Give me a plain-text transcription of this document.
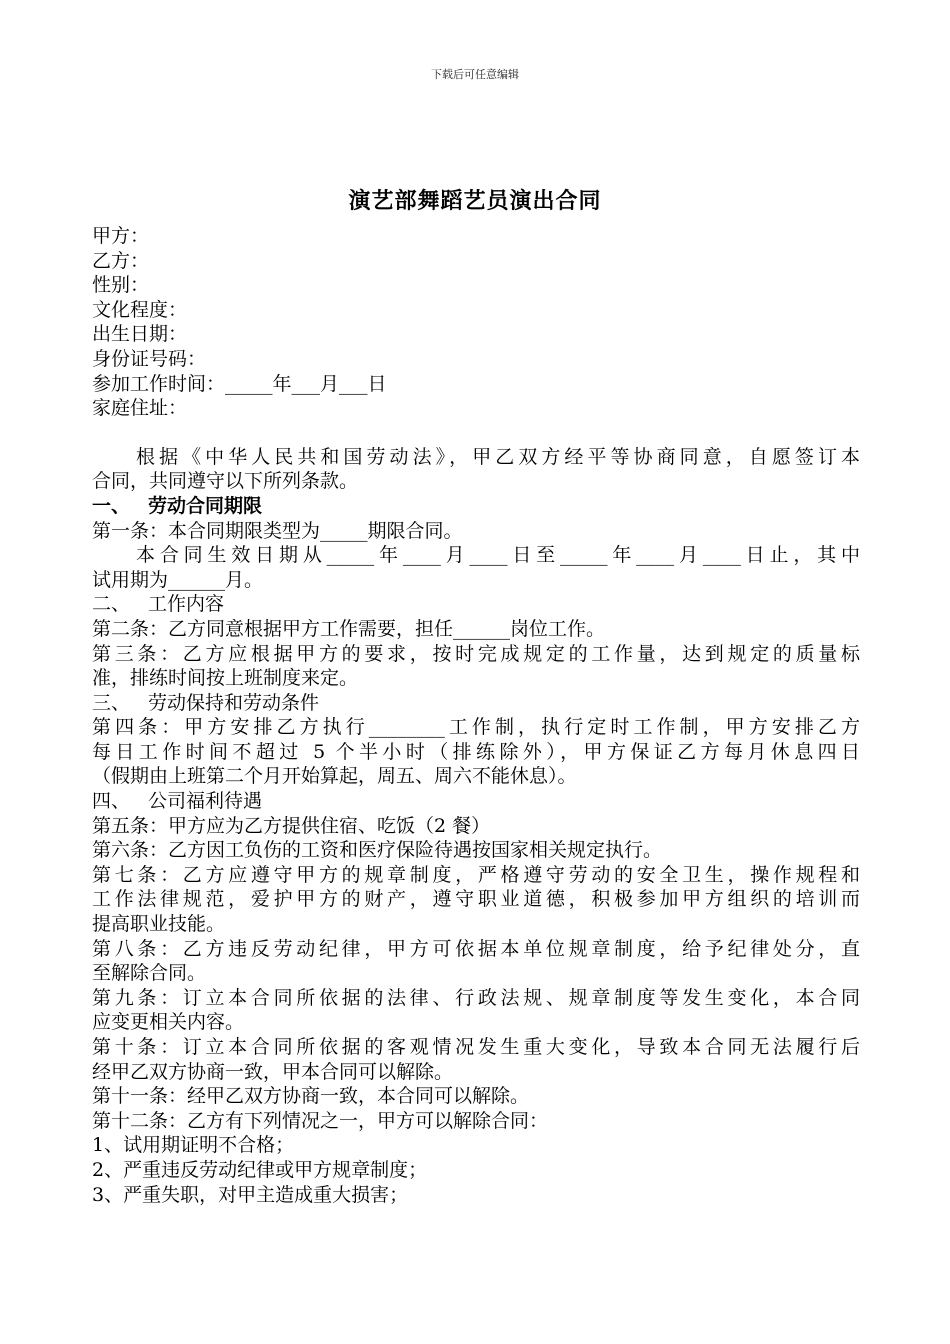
下载后可任意编辑
演艺部舞蹈艺员演出合同
甲方：
乙方：
性别：
文化程度：
出生日期：
身份证号码：
参加工作时间：_____年___月___日
家庭住址：
根据《中华人民共和国劳动法》，甲乙双方经平等协商同意，自愿签订本
合同，共同遵守以下所列条款。
一、 劳动合同期限
第一条：本合同期限类型为_____期限合同。
本合同生效日期从_____年____月____日至_____年____月____日止，其中
试用期为______月。
二、 工作内容
第二条：乙方同意根据甲方工作需要，担任______岗位工作。
第三条：乙方应根据甲方的要求，按时完成规定的工作量，达到规定的质量标
准，排练时间按上班制度来定。
三、 劳动保持和劳动条件
第四条：甲方安排乙方执行________工作制，执行定时工作制，甲方安排乙方
每日工作时间不超过 5 个半小时（排练除外），甲方保证乙方每月休息四日
（假期由上班第二个月开始算起，周五、周六不能休息）。
四、 公司福利待遇
第五条：甲方应为乙方提供住宿、吃饭（2 餐）
第六条：乙方因工负伤的工资和医疗保险待遇按国家相关规定执行。
第七条：乙方应遵守甲方的规章制度，严格遵守劳动的安全卫生，操作规程和
工作法律规范，爱护甲方的财产，遵守职业道德，积极参加甲方组织的培训而
提高职业技能。
第八条：乙方违反劳动纪律，甲方可依据本单位规章制度，给予纪律处分，直
至解除合同。
第九条：订立本合同所依据的法律、行政法规、规章制度等发生变化，本合同
应变更相关内容。
第十条：订立本合同所依据的客观情况发生重大变化，导致本合同无法履行后
经甲乙双方协商一致，甲本合同可以解除。
第十一条：经甲乙双方协商一致，本合同可以解除。
第十二条：乙方有下列情况之一，甲方可以解除合同：
1、试用期证明不合格；
2、严重违反劳动纪律或甲方规章制度；
3、严重失职，对甲主造成重大损害；
